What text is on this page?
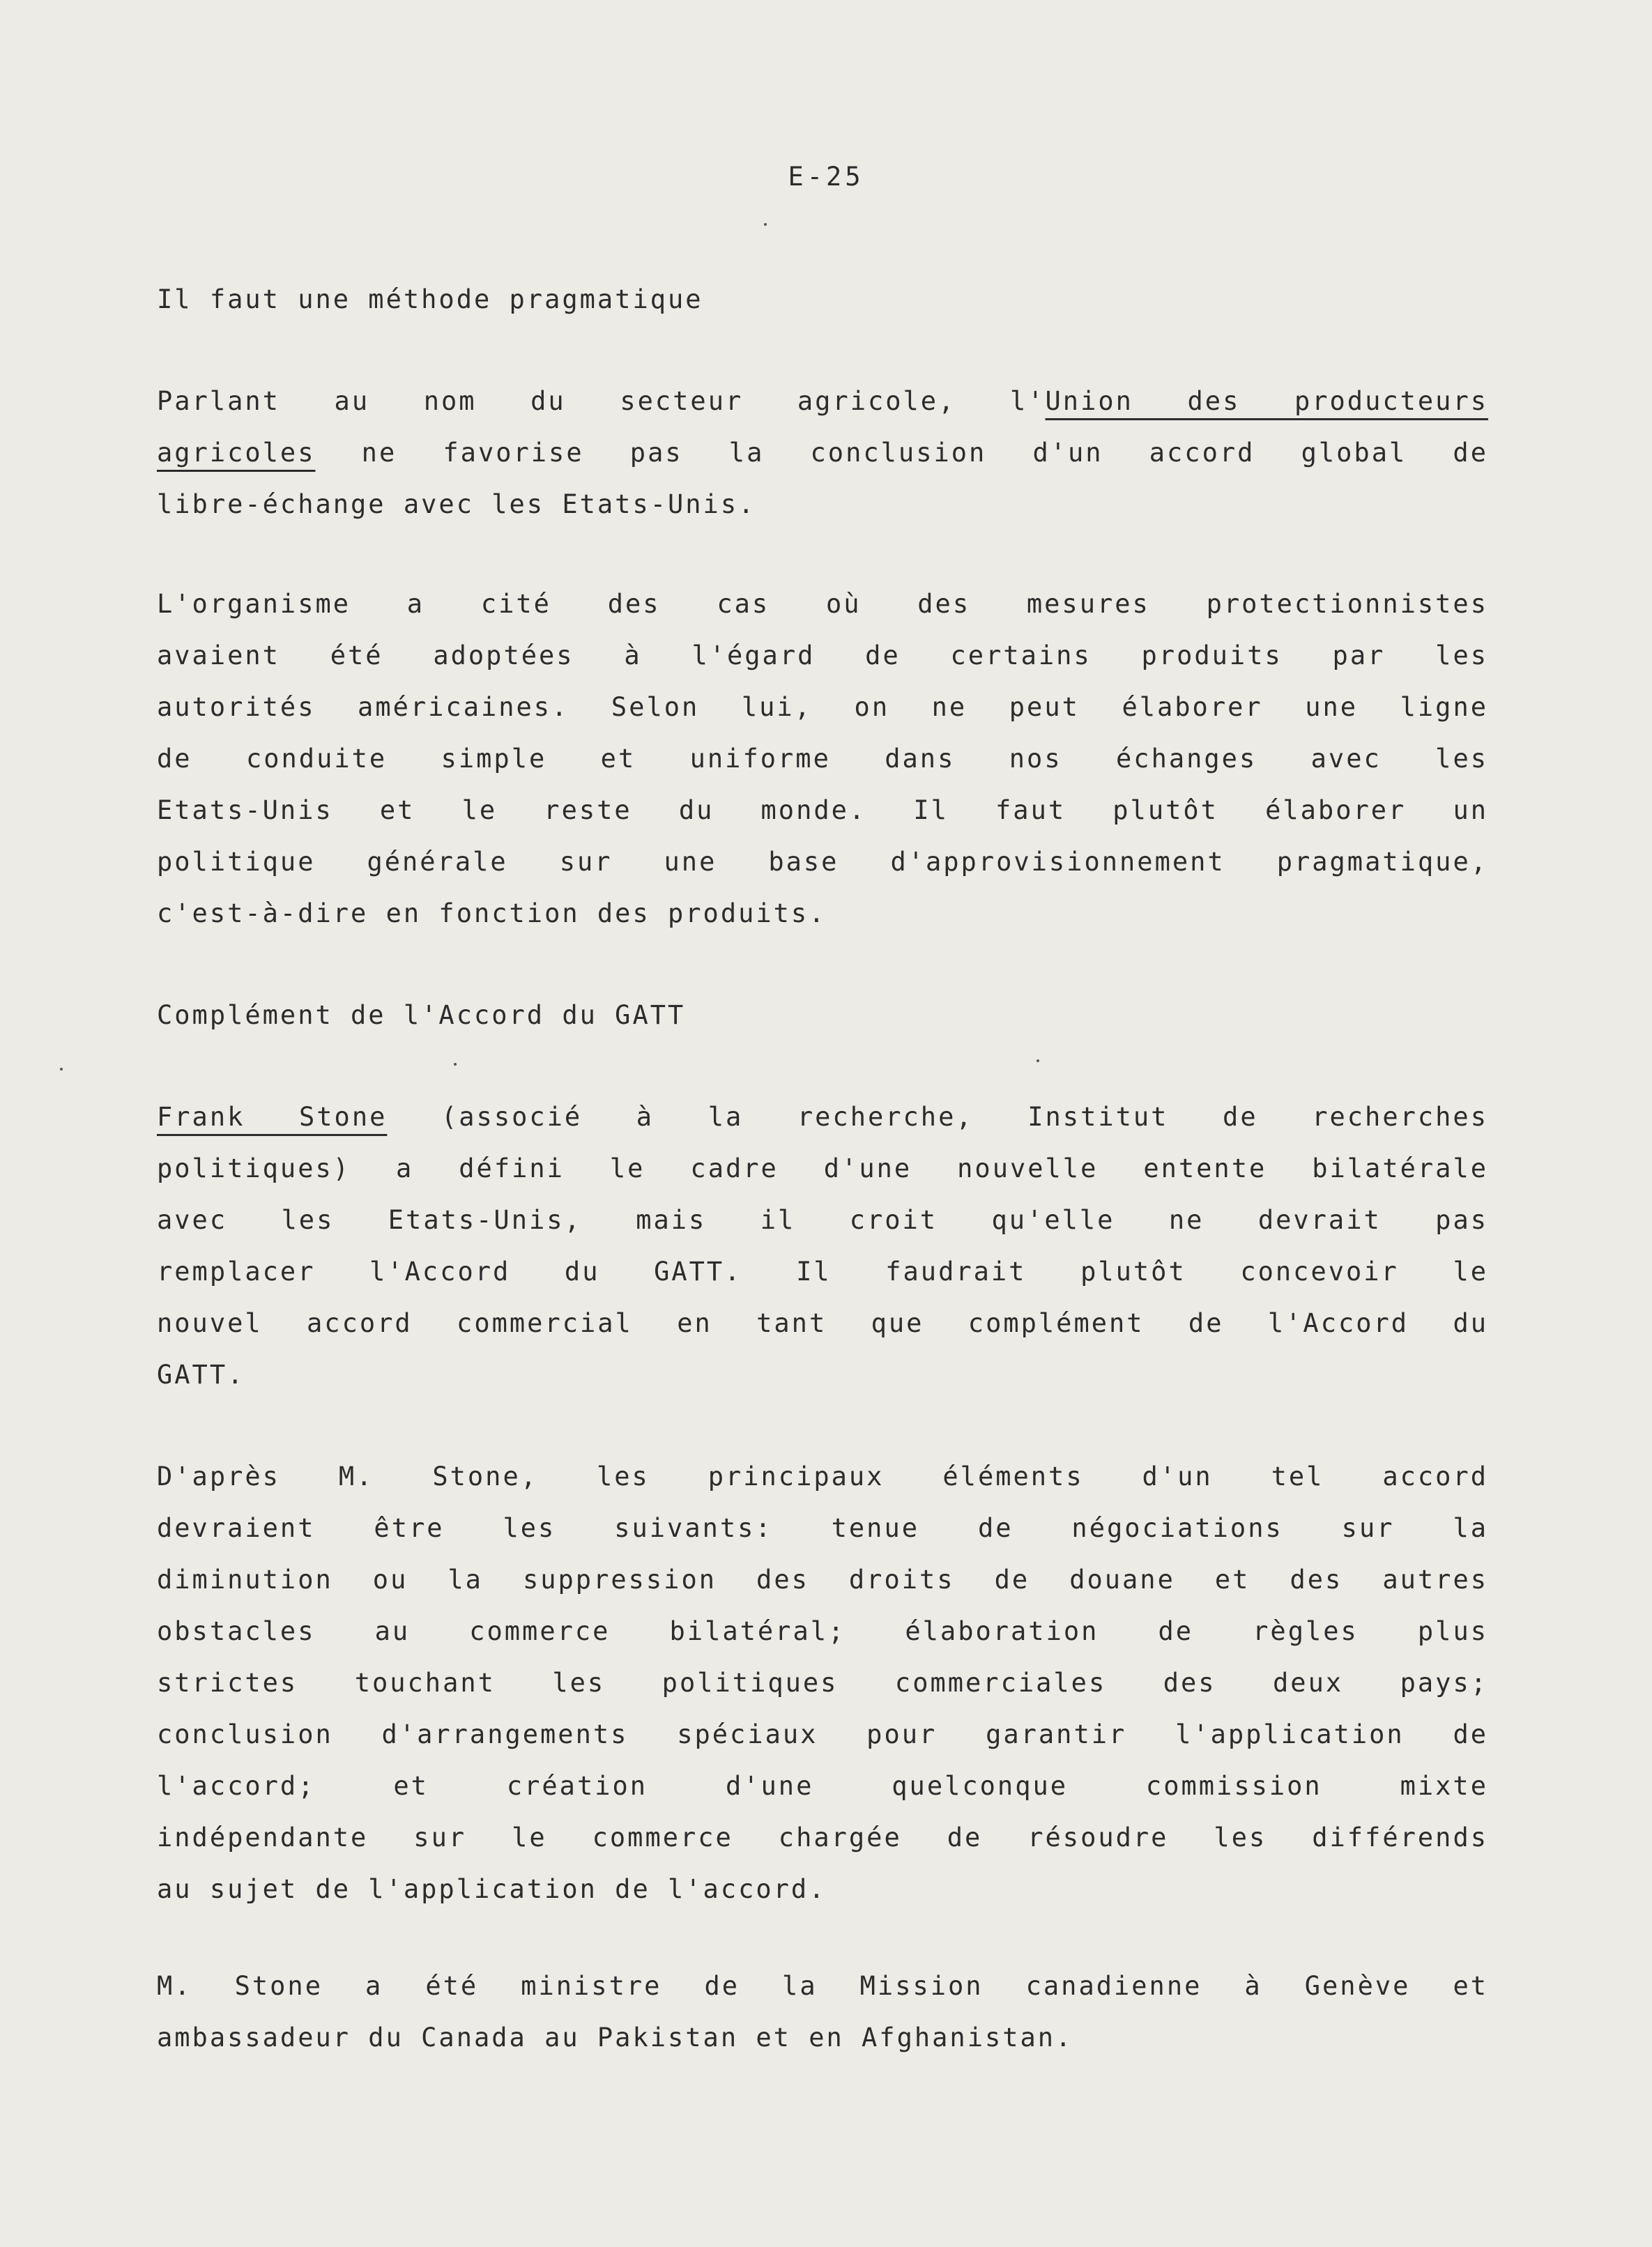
E-25
Il faut une méthode pragmatique
Parlant au nom du secteur agricole, l'Union des producteurs
agricoles ne favorise pas la conclusion d'un accord global de
libre-échange avec les Etats-Unis.
L'organisme a cité des cas où des mesures protectionnistes
avaient été adoptées à l'égard de certains produits par les
autorités américaines. Selon lui, on ne peut élaborer une ligne
de conduite simple et uniforme dans nos échanges avec les
Etats-Unis et le reste du monde. Il faut plutôt élaborer un
politique générale sur une base d'approvisionnement pragmatique,
c'est-à-dire en fonction des produits.
Complément de l'Accord du GATT
Frank Stone (associé à la recherche, Institut de recherches
politiques) a défini le cadre d'une nouvelle entente bilatérale
avec les Etats-Unis, mais il croit qu'elle ne devrait pas
remplacer l'Accord du GATT. Il faudrait plutôt concevoir le
nouvel accord commercial en tant que complément de l'Accord du
GATT.
D'après M. Stone, les principaux éléments d'un tel accord
devraient être les suivants: tenue de négociations sur la
diminution ou la suppression des droits de douane et des autres
obstacles au commerce bilatéral; élaboration de règles plus
strictes touchant les politiques commerciales des deux pays;
conclusion d'arrangements spéciaux pour garantir l'application de
l'accord; et création d'une quelconque commission mixte
indépendante sur le commerce chargée de résoudre les différends
au sujet de l'application de l'accord.
M. Stone a été ministre de la Mission canadienne à Genève et
ambassadeur du Canada au Pakistan et en Afghanistan.
